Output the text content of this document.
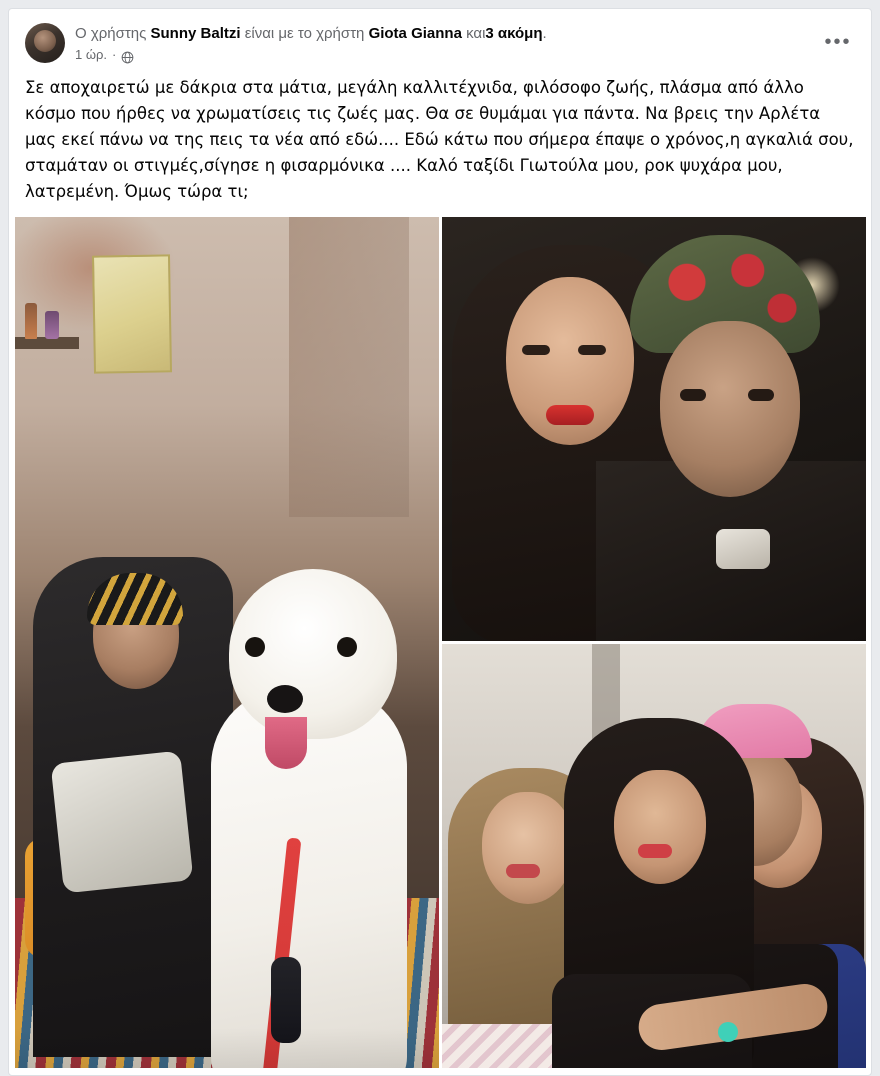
Ο χρήστης Sunny Baltzi είναι με το χρήστη Giota Gianna και3 ακόμη.
1 ώρ. ·
•••
Σε αποχαιρετώ με δάκρια στα μάτια, μεγάλη καλλιτέχνιδα, φιλόσοφο ζωής, πλάσμα από άλλο κόσμο που ήρθες να χρωματίσεις τις ζωές μας. Θα σε θυμάμαι για πάντα. Να βρεις την Αρλέτα μας εκεί πάνω να της πεις τα νέα από εδώ.... Εδώ κάτω που σήμερα έπαψε ο χρόνος,η αγκαλιά σου, σταμάταν οι στιγμές,σίγησε η φισαρμόνικα .... Καλό ταξίδι Γιωτούλα μου, ροκ ψυχάρα μου, λατρεμένη. Όμως τώρα τι;
